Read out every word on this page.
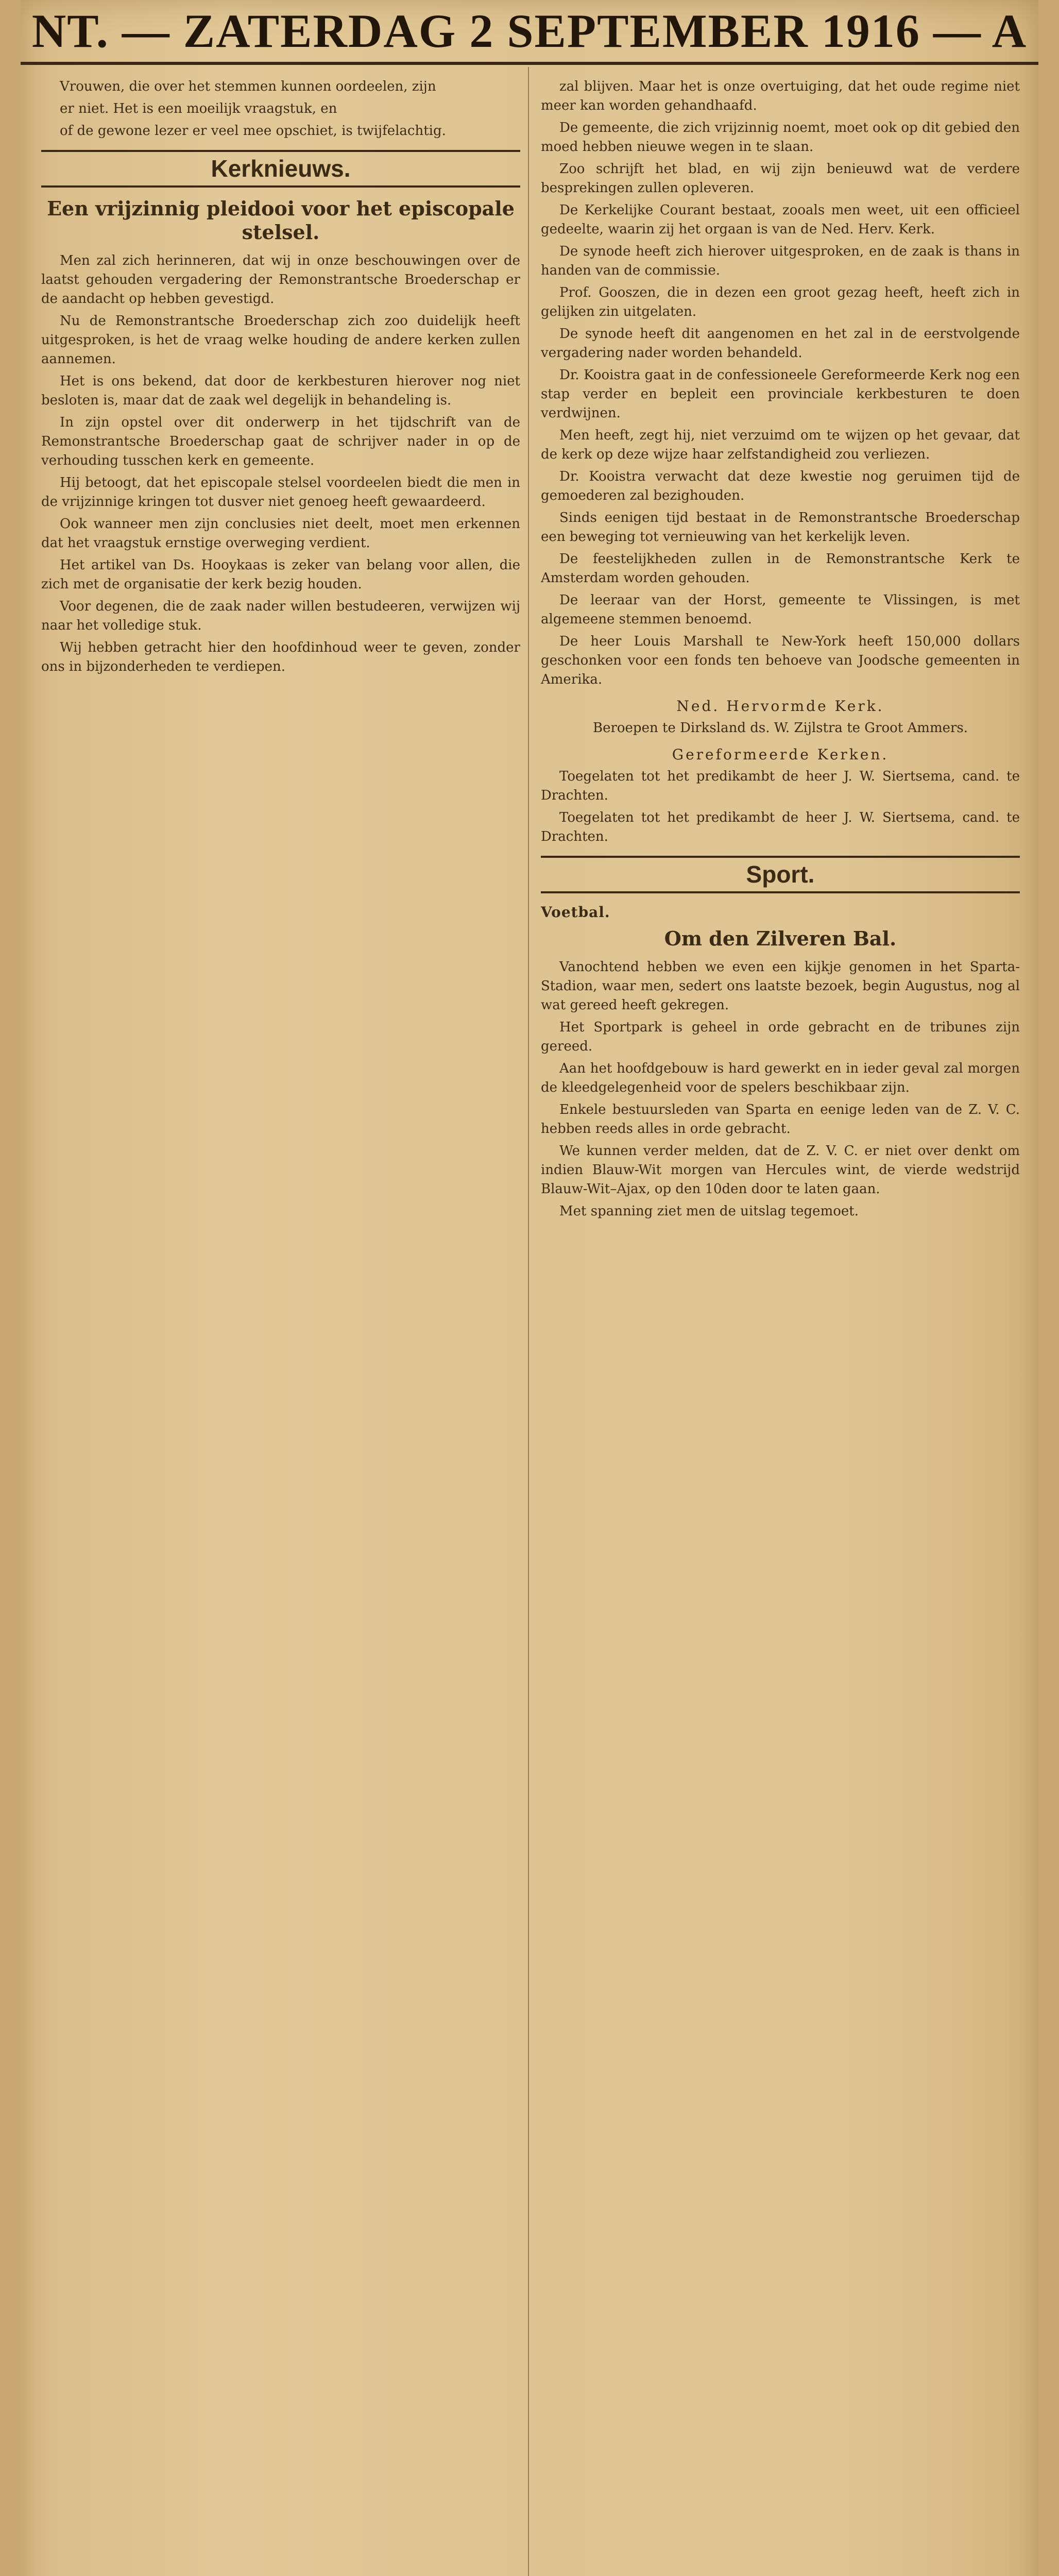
NT. — ZATERDAG 2 SEPTEMBER 1916 — A

Vrouwen, die over het stemmen kunnen oordeelen, zijn

er niet. Het is een moeilijk vraagstuk, en

of de gewone lezer er veel mee opschiet, is twijfelachtig.

Kerknieuws.
Een vrijzinnig pleidooi voor het episcopale stelsel.

Men zal zich herinneren, dat wij in onze beschouwingen over de laatst gehouden vergadering der Remonstrantsche Broederschap er de aandacht op hebben gevestigd.

Nu de Remonstrantsche Broederschap zich zoo duidelijk heeft uitgesproken, is het de vraag welke houding de andere kerken zullen aannemen.

Het is ons bekend, dat door de kerkbesturen hierover nog niet besloten is, maar dat de zaak wel degelijk in behandeling is.

In zijn opstel over dit onderwerp in het tijdschrift van de Remonstrantsche Broederschap gaat de schrijver nader in op de verhouding tusschen kerk en gemeente.

Hij betoogt, dat het episcopale stelsel voordeelen biedt die men in de vrijzinnige kringen tot dusver niet genoeg heeft gewaardeerd.

Ook wanneer men zijn conclusies niet deelt, moet men erkennen dat het vraagstuk ernstige overweging verdient.

Het artikel van Ds. Hooykaas is zeker van belang voor allen, die zich met de organisatie der kerk bezig houden.

Voor degenen, die de zaak nader willen bestudeeren, verwijzen wij naar het volledige stuk.

Wij hebben getracht hier den hoofdinhoud weer te geven, zonder ons in bijzonderheden te verdiepen.

zal blijven. Maar het is onze overtuiging, dat het oude regime niet meer kan worden gehandhaafd.

De gemeente, die zich vrijzinnig noemt, moet ook op dit gebied den moed hebben nieuwe wegen in te slaan.

Zoo schrijft het blad, en wij zijn benieuwd wat de verdere besprekingen zullen opleveren.

De Kerkelijke Courant bestaat, zooals men weet, uit een officieel gedeelte, waarin zij het orgaan is van de Ned. Herv. Kerk.

De synode heeft zich hierover uitgesproken, en de zaak is thans in handen van de commissie.

Prof. Gooszen, die in dezen een groot gezag heeft, heeft zich in gelijken zin uitgelaten.

De synode heeft dit aangenomen en het zal in de eerstvolgende vergadering nader worden behandeld.

Dr. Kooistra gaat in de confessioneele Gereformeerde Kerk nog een stap verder en bepleit een provinciale kerkbesturen te doen verdwijnen.

Men heeft, zegt hij, niet verzuimd om te wijzen op het gevaar, dat de kerk op deze wijze haar zelfstandigheid zou verliezen.

Dr. Kooistra verwacht dat deze kwestie nog geruimen tijd de gemoederen zal bezighouden.

Sinds eenigen tijd bestaat in de Remonstrantsche Broederschap een beweging tot vernieuwing van het kerkelijk leven.

De feestelijkheden zullen in de Remonstrantsche Kerk te Amsterdam worden gehouden.

De leeraar van der Horst, gemeente te Vlissingen, is met algemeene stemmen benoemd.

De heer Louis Marshall te New-York heeft 150,000 dollars geschonken voor een fonds ten behoeve van Joodsche gemeenten in Amerika.

Ned. Hervormde Kerk.

Beroepen te Dirksland ds. W. Zijlstra te Groot Ammers.

Gereformeerde Kerken.

Toegelaten tot het predikambt de heer J. W. Siertsema, cand. te Drachten.

Toegelaten tot het predikambt de heer J. W. Siertsema, cand. te Drachten.

Sport.
Voetbal.
Om den Zilveren Bal.

Vanochtend hebben we even een kijkje genomen in het Sparta-Stadion, waar men, sedert ons laatste bezoek, begin Augustus, nog al wat gereed heeft gekregen.

Het Sportpark is geheel in orde gebracht en de tribunes zijn gereed.

Aan het hoofdgebouw is hard gewerkt en in ieder geval zal morgen de kleedgelegenheid voor de spelers beschikbaar zijn.

Enkele bestuursleden van Sparta en eenige leden van de Z. V. C. hebben reeds alles in orde gebracht.

We kunnen verder melden, dat de Z. V. C. er niet over denkt om indien Blauw-Wit morgen van Hercules wint, de vierde wedstrijd Blauw-Wit–Ajax, op den 10den door te laten gaan.

Met spanning ziet men de uitslag tegemoet.
